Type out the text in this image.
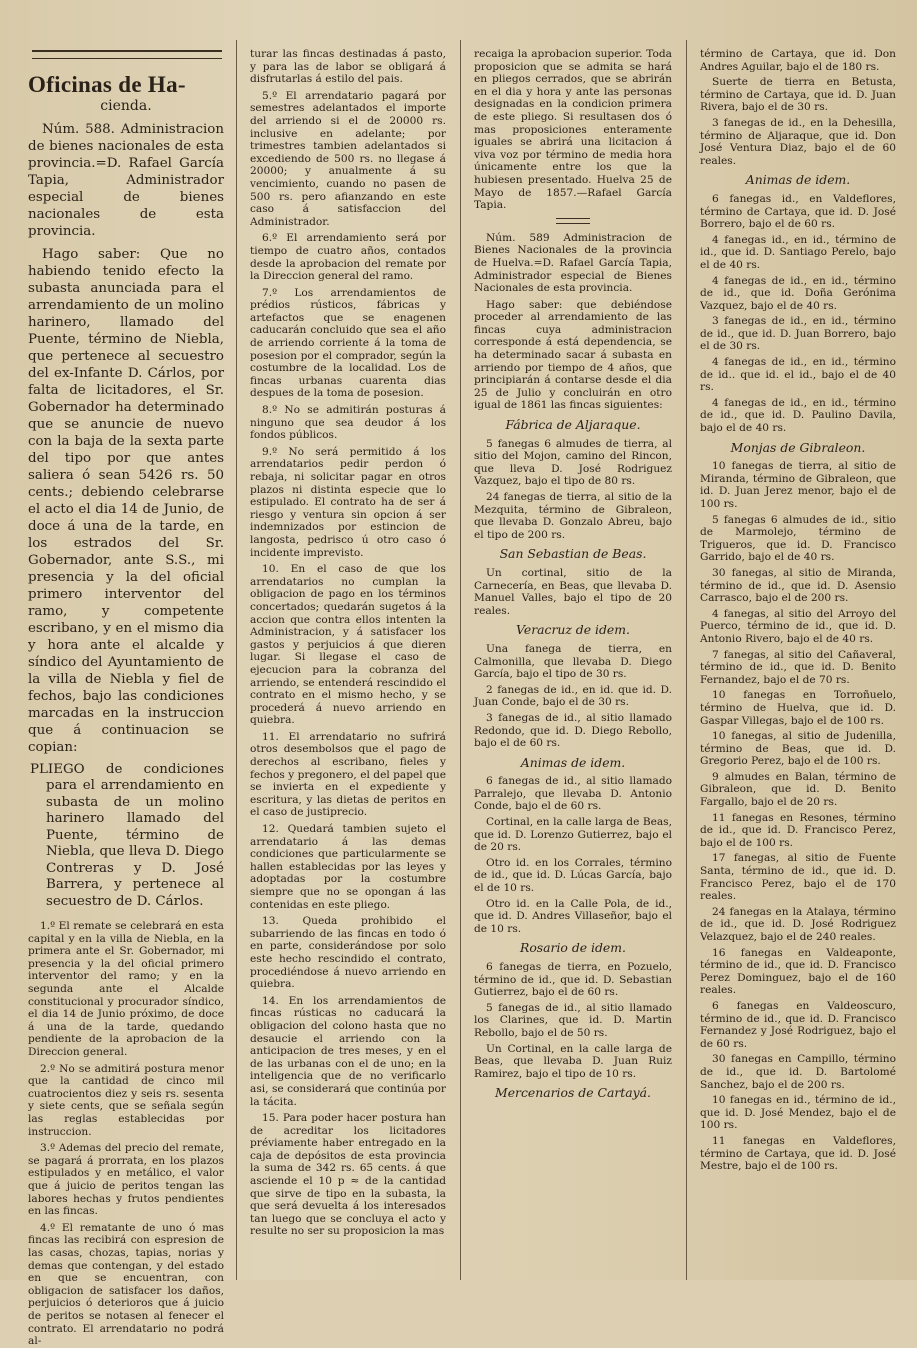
Oficinas de Ha-
cienda.

Núm. 588. Administracion de bienes nacionales de esta provincia.=D. Rafael García Tapia, Administrador especial de bienes nacionales de esta provincia.

Hago saber: Que no habiendo tenido efecto la subasta anunciada para el arrendamiento de un molino harinero, llamado del Puente, término de Niebla, que pertenece al secuestro del ex-Infante D. Cárlos, por falta de licitadores, el Sr. Gobernador ha determinado que se anuncie de nuevo con la baja de la sexta parte del tipo por que antes saliera ó sean 5426 rs. 50 cents.; debiendo celebrarse el acto el dia 14 de Junio, de doce á una de la tarde, en los estrados del Sr. Gobernador, ante S.S., mi presencia y la del oficial primero interventor del ramo, y competente escribano, y en el mismo dia y hora ante el alcalde y síndico del Ayuntamiento de la villa de Niebla y fiel de fechos, bajo las condiciones marcadas en la instruccion que á continuacion se copian:

PLIEGO de condiciones para el arrendamiento en subasta de un molino harinero llamado del Puente, término de Niebla, que lleva D. Diego Contreras y D. José Barrera, y pertenece al secuestro de D. Cárlos.

1.º El remate se celebrará en esta capital y en la villa de Niebla, en la primera ante el Sr. Gobernador, mi presencia y la del oficial primero interventor del ramo; y en la segunda ante el Alcalde constitucional y procurador síndico, el dia 14 de Junio próximo, de doce á una de la tarde, quedando pendiente de la aprobacion de la Direccion general.

2.º No se admitirá postura menor que la cantidad de cinco mil cuatrocientos diez y seis rs. sesenta y siete cents, que se señala según las reglas establecidas por instruccion.

3.º Ademas del precio del remate, se pagará á prorrata, en los plazos estipulados y en metálico, el valor que á juicio de peritos tengan las labores hechas y frutos pendientes en las fincas.

4.º El rematante de uno ó mas fincas las recibirá con espresion de las casas, chozas, tapias, norias y demas que contengan, y del estado en que se encuentran, con obligacion de satisfacer los daños, perjuicios ó deterioros que á juicio de peritos se notasen al fenecer el contrato. El arrendatario no podrá al-

turar las fincas destinadas á pasto, y para las de labor se obligará á disfrutarlas á estilo del pais.

5.º El arrendatario pagará por semestres adelantados el importe del arriendo si el de 20000 rs. inclusive en adelante; por trimestres tambien adelantados si excediendo de 500 rs. no llegase á 20000; y anualmente á su vencimiento, cuando no pasen de 500 rs. pero afianzando en este caso á satisfaccion del Administrador.

6.º El arrendamiento será por tiempo de cuatro años, contados desde la aprobacion del remate por la Direccion general del ramo.

7.º Los arrendamientos de prédios rústicos, fábricas y artefactos que se enagenen caducarán concluido que sea el año de arriendo corriente á la toma de posesion por el comprador, según la costumbre de la localidad. Los de fincas urbanas cuarenta dias despues de la toma de posesion.

8.º No se admitirán posturas á ninguno que sea deudor á los fondos públicos.

9.º No será permitido á los arrendatarios pedir perdon ó rebaja, ni solicitar pagar en otros plazos ni distinta especie que lo estipulado. El contrato ha de ser á riesgo y ventura sin opcion á ser indemnizados por estincion de langosta, pedrisco ú otro caso ó incidente imprevisto.

10. En el caso de que los arrendatarios no cumplan la obligacion de pago en los términos concertados; quedarán sugetos á la accion que contra ellos intenten la Administracion, y á satisfacer los gastos y perjuicios á que dieren lugar. Si llegase el caso de ejecucion para la cobranza del arriendo, se entenderá rescindido el contrato en el mismo hecho, y se procederá á nuevo arriendo en quiebra.

11. El arrendatario no sufrirá otros desembolsos que el pago de derechos al escribano, fieles y fechos y pregonero, el del papel que se invierta en el expediente y escritura, y las dietas de peritos en el caso de justiprecio.

12. Quedará tambien sujeto el arrendatario á las demas condiciones que particularmente se hallen establecidas por las leyes y adoptadas por la costumbre siempre que no se opongan á las contenidas en este pliego.

13. Queda prohibido el subarriendo de las fincas en todo ó en parte, considerándose por solo este hecho rescindido el contrato, procediéndose á nuevo arriendo en quiebra.

14. En los arrendamientos de fincas rústicas no caducará la obligacion del colono hasta que no desaucie el arriendo con la anticipacion de tres meses, y en el de las urbanas con el de uno; en la inteligencia que de no verificarlo asi, se considerará que continúa por la tácita.

15. Para poder hacer postura han de acreditar los licitadores préviamente haber entregado en la caja de depósitos de esta provincia la suma de 342 rs. 65 cents. á que asciende el 10 p ≈ de la cantidad que sirve de tipo en la subasta, la que será devuelta á los interesados tan luego que se concluya el acto y resulte no ser su proposicion la mas

recaiga la aprobacion superior. Toda proposicion que se admita se hará en pliegos cerrados, que se abrirán en el dia y hora y ante las personas designadas en la condicion primera de este pliego. Si resultasen dos ó mas proposiciones enteramente iguales se abrirá una licitacion á viva voz por término de media hora únicamente entre los que la hubiesen presentado. Huelva 25 de Mayo de 1857.—Rafael García Tapia.

Núm. 589 Administracion de Bienes Nacionales de la provincia de Huelva.=D. Rafael García Tapia, Administrador especial de Bienes Nacionales de esta provincia.

Hago saber: que debiéndose proceder al arrendamiento de las fincas cuya administracion corresponde á está dependencia, se ha determinado sacar á subasta en arriendo por tiempo de 4 años, que principiarán á contarse desde el dia 25 de Julio y concluirán en otro igual de 1861 las fincas siguientes:

Fábrica de Aljaraque.

5 fanegas 6 almudes de tierra, al sitio del Mojon, camino del Rincon, que lleva D. José Rodriguez Vazquez, bajo el tipo de 80 rs.

24 fanegas de tierra, al sitio de la Mezquita, término de Gibraleon, que llevaba D. Gonzalo Abreu, bajo el tipo de 200 rs.

San Sebastian de Beas.

Un cortinal, sitio de la Carnecería, en Beas, que llevaba D. Manuel Valles, bajo el tipo de 20 reales.

Veracruz de idem.

Una fanega de tierra, en Calmonilla, que llevaba D. Diego García, bajo el tipo de 30 rs.

2 fanegas de id., en id. que id. D. Juan Conde, bajo el de 30 rs.

3 fanegas de id., al sitio llamado Redondo, que id. D. Diego Rebollo, bajo el de 60 rs.

Animas de idem.

6 fanegas de id., al sitio llamado Parralejo, que llevaba D. Antonio Conde, bajo el de 60 rs.

Cortinal, en la calle larga de Beas, que id. D. Lorenzo Gutierrez, bajo el de 20 rs.

Otro id. en los Corrales, término de id., que id. D. Lúcas García, bajo el de 10 rs.

Otro id. en la Calle Pola, de id., que id. D. Andres Villaseñor, bajo el de 10 rs.

Rosario de idem.

6 fanegas de tierra, en Pozuelo, término de id., que id. D. Sebastian Gutierrez, bajo el de 60 rs.

5 fanegas de id., al sitio llamado los Clarines, que id. D. Martin Rebollo, bajo el de 50 rs.

Un Cortinal, en la calle larga de Beas, que llevaba D. Juan Ruiz Ramirez, bajo el tipo de 10 rs.

Mercenarios de Cartayá.

término de Cartaya, que id. Don Andres Aguilar, bajo el de 180 rs.

Suerte de tierra en Betusta, término de Cartaya, que id. D. Juan Rivera, bajo el de 30 rs.

3 fanegas de id., en la Dehesilla, término de Aljaraque, que id. Don José Ventura Diaz, bajo el de 60 reales.

Animas de idem.

6 fanegas id., en Valdeflores, término de Cartaya, que id. D. José Borrero, bajo el de 60 rs.

4 fanegas id., en id., término de id., que id. D. Santiago Perelo, bajo el de 40 rs.

4 fanegas de id., en id., término de id., que id. Doña Gerónima Vazquez, bajo el de 40 rs.

3 fanegas de id., en id., término de id., que id. D. Juan Borrero, bajo el de 30 rs.

4 fanegas de id., en id., término de id.. que id. el id., bajo el de 40 rs.

4 fanegas de id., en id., término de id., que id. D. Paulino Davila, bajo el de 40 rs.

Monjas de Gibraleon.

10 fanegas de tierra, al sitio de Miranda, término de Gibraleon, que id. D. Juan Jerez menor, bajo el de 100 rs.

5 fanegas 6 almudes de id., sitio de Marmolejo, término de Trigueros, que id. D. Francisco Garrido, bajo el de 40 rs.

30 fanegas, al sitio de Miranda, término de id., que id. D. Asensio Carrasco, bajo el de 200 rs.

4 fanegas, al sitio del Arroyo del Puerco, término de id., que id. D. Antonio Rivero, bajo el de 40 rs.

7 fanegas, al sitio del Cañaveral, término de id., que id. D. Benito Fernandez, bajo el de 70 rs.

10 fanegas en Torroñuelo, término de Huelva, que id. D. Gaspar Villegas, bajo el de 100 rs.

10 fanegas, al sitio de Judenilla, término de Beas, que id. D. Gregorio Perez, bajo el de 100 rs.

9 almudes en Balan, término de Gibraleon, que id. D. Benito Fargallo, bajo el de 20 rs.

11 fanegas en Resones, término de id., que id. D. Francisco Perez, bajo el de 100 rs.

17 fanegas, al sitio de Fuente Santa, término de id., que id. D. Francisco Perez, bajo el de 170 reales.

24 fanegas en la Atalaya, término de id., que id. D. José Rodriguez Velazquez, bajo el de 240 reales.

16 fanegas en Valdeaponte, término de id., que id. D. Francisco Perez Dominguez, bajo el de 160 reales.

6 fanegas en Valdeoscuro, término de id., que id. D. Francisco Fernandez y José Rodriguez, bajo el de 60 rs.

30 fanegas en Campillo, término de id., que id. D. Bartolomé Sanchez, bajo el de 200 rs.

10 fanegas en id., término de id., que id. D. José Mendez, bajo el de 100 rs.

11 fanegas en Valdeflores, término de Cartaya, que id. D. José Mestre, bajo el de 100 rs.
